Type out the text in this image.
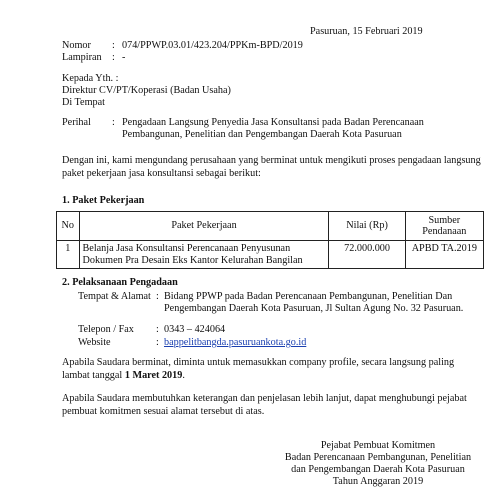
Pasuruan, 15 Februari 2019
Nomor : 074/PPWP.03.01/423.204/PPKm-BPD/2019
Lampiran : -
Kepada Yth. :
Direktur CV/PT/Koperasi (Badan Usaha)
Di Tempat
Perihal : Pengadaan Langsung Penyedia Jasa Konsultansi pada Badan Perencanaan Pembangunan, Penelitian dan Pengembangan Daerah Kota Pasuruan
Dengan ini, kami mengundang perusahaan yang berminat untuk mengikuti proses pengadaan langsung paket pekerjaan jasa konsultansi sebagai berikut:
1. Paket Pekerjaan
No	Paket Pekerjaan	Nilai (Rp)	Sumber Pendanaan
1	Belanja Jasa Konsultansi Perencanaan Penyusunan Dokumen Pra Desain Eks Kantor Kelurahan Bangilan	72.000.000	APBD TA.2019
2. Pelaksanaan Pengadaan
Tempat & Alamat : Bidang PPWP pada Badan Perencanaan Pembangunan, Penelitian Dan Pengembangan Daerah Kota Pasuruan, Jl Sultan Agung No. 32 Pasuruan.
Telepon / Fax : 0343 – 424064
Website	: bappelitbangda.pasuruankota.go.id
Apabila Saudara berminat, diminta untuk memasukkan company profile, secara langsung paling lambat tanggal 1 Maret 2019.
Apabila Saudara membutuhkan keterangan dan penjelasan lebih lanjut, dapat menghubungi pejabat pembuat komitmen sesuai alamat tersebut di atas.
Pejabat Pembuat Komitmen
Badan Perencanaan Pembangunan, Penelitian
dan Pengembangan Daerah Kota Pasuruan
Tahun Anggaran 2019
